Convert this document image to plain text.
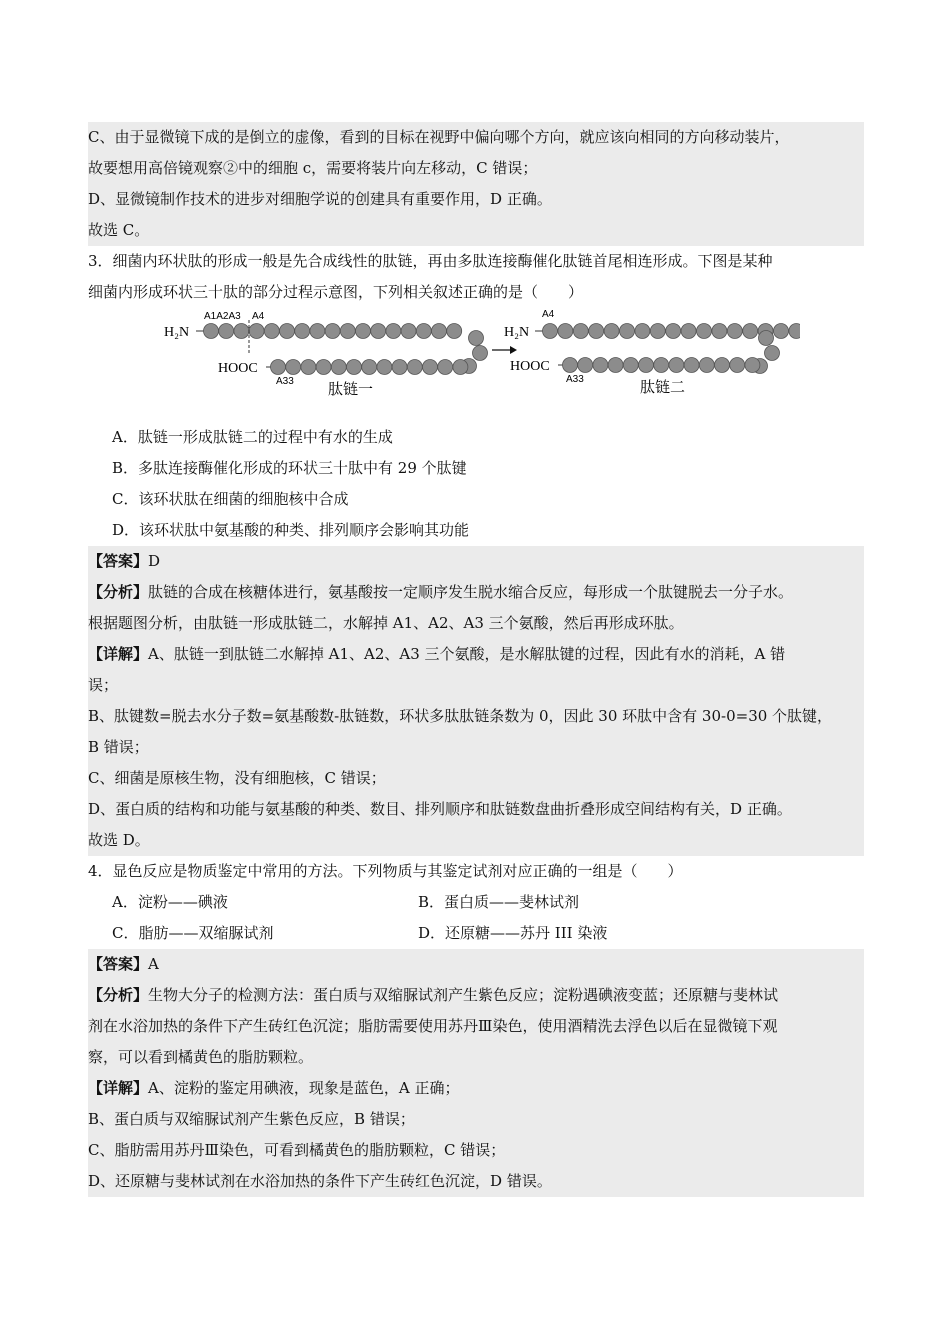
C、由于显微镜下成的是倒立的虚像，看到的目标在视野中偏向哪个方向，就应该向相同的方向移动装片，
故要想用高倍镜观察②中的细胞 c，需要将装片向左移动，C 错误；
D、显微镜制作技术的进步对细胞学说的创建具有重要作用，D 正确。
故选 C。
3．细菌内环状肽的形成一般是先合成线性的肽链，再由多肽连接酶催化肽链首尾相连形成。下图是某种
细菌内形成环状三十肽的部分过程示意图，下列相关叙述正确的是（　　）
H₂N
A1A2A3 A4
HOOC
A33
肽链一
H₂N
A4
HOOC
A33
肽链二
A．肽链一形成肽链二的过程中有水的生成
B．多肽连接酶催化形成的环状三十肽中有 29 个肽键
C．该环状肽在细菌的细胞核中合成
D．该环状肽中氨基酸的种类、排列顺序会影响其功能
【答案】D
【分析】肽链的合成在核糖体进行，氨基酸按一定顺序发生脱水缩合反应，每形成一个肽键脱去一分子水。
根据题图分析，由肽链一形成肽链二，水解掉 A1、A2、A3 三个氨酸，然后再形成环肽。
【详解】A、肽链一到肽链二水解掉 A1、A2、A3 三个氨酸，是水解肽键的过程，因此有水的消耗，A 错
误；
B、肽键数=脱去水分子数=氨基酸数-肽链数，环状多肽肽链条数为 0，因此 30 环肽中含有 30-0=30 个肽键，
B 错误；
C、细菌是原核生物，没有细胞核，C 错误；
D、蛋白质的结构和功能与氨基酸的种类、数目、排列顺序和肽链数盘曲折叠形成空间结构有关，D 正确。
故选 D。
4．显色反应是物质鉴定中常用的方法。下列物质与其鉴定试剂对应正确的一组是（　　）
A．淀粉——碘液	B．蛋白质——斐林试剂
C．脂肪——双缩脲试剂	D．还原糖——苏丹 III 染液
【答案】A
【分析】生物大分子的检测方法：蛋白质与双缩脲试剂产生紫色反应；淀粉遇碘液变蓝；还原糖与斐林试
剂在水浴加热的条件下产生砖红色沉淀；脂肪需要使用苏丹Ⅲ染色，使用酒精洗去浮色以后在显微镜下观
察，可以看到橘黄色的脂肪颗粒。
【详解】A、淀粉的鉴定用碘液，现象是蓝色，A 正确；
B、蛋白质与双缩脲试剂产生紫色反应，B 错误；
C、脂肪需用苏丹Ⅲ染色，可看到橘黄色的脂肪颗粒，C 错误；
D、还原糖与斐林试剂在水浴加热的条件下产生砖红色沉淀，D 错误。
